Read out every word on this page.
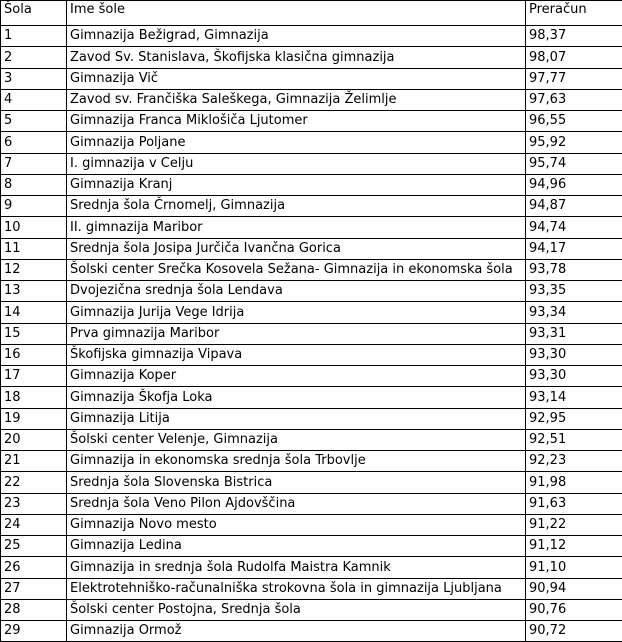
Šola	Ime šole	Preračun
1	Gimnazija Bežigrad, Gimnazija	98,37
2	Zavod Sv. Stanislava, Škofijska klasična gimnazija	98,07
3	Gimnazija Vič	97,77
4	Zavod sv. Frančiška Saleškega, Gimnazija Želimlje	97,63
5	Gimnazija Franca Miklošiča Ljutomer	96,55
6	Gimnazija Poljane	95,92
7	I. gimnazija v Celju	95,74
8	Gimnazija Kranj	94,96
9	Srednja šola Črnomelj, Gimnazija	94,87
10	II. gimnazija Maribor	94,74
11	Srednja šola Josipa Jurčiča Ivančna Gorica	94,17
12	Šolski center Srečka Kosovela Sežana- Gimnazija in ekonomska šola	93,78
13	Dvojezična srednja šola Lendava	93,35
14	Gimnazija Jurija Vege Idrija	93,34
15	Prva gimnazija Maribor	93,31
16	Škofijska gimnazija Vipava	93,30
17	Gimnazija Koper	93,30
18	Gimnazija Škofja Loka	93,14
19	Gimnazija Litija	92,95
20	Šolski center Velenje, Gimnazija	92,51
21	Gimnazija in ekonomska srednja šola Trbovlje	92,23
22	Srednja šola Slovenska Bistrica	91,98
23	Srednja šola Veno Pilon Ajdovščina	91,63
24	Gimnazija Novo mesto	91,22
25	Gimnazija Ledina	91,12
26	Gimnazija in srednja šola Rudolfa Maistra Kamnik	91,10
27	Elektrotehniško-računalniška strokovna šola in gimnazija Ljubljana	90,94
28	Šolski center Postojna, Srednja šola	90,76
29	Gimnazija Ormož	90,72
